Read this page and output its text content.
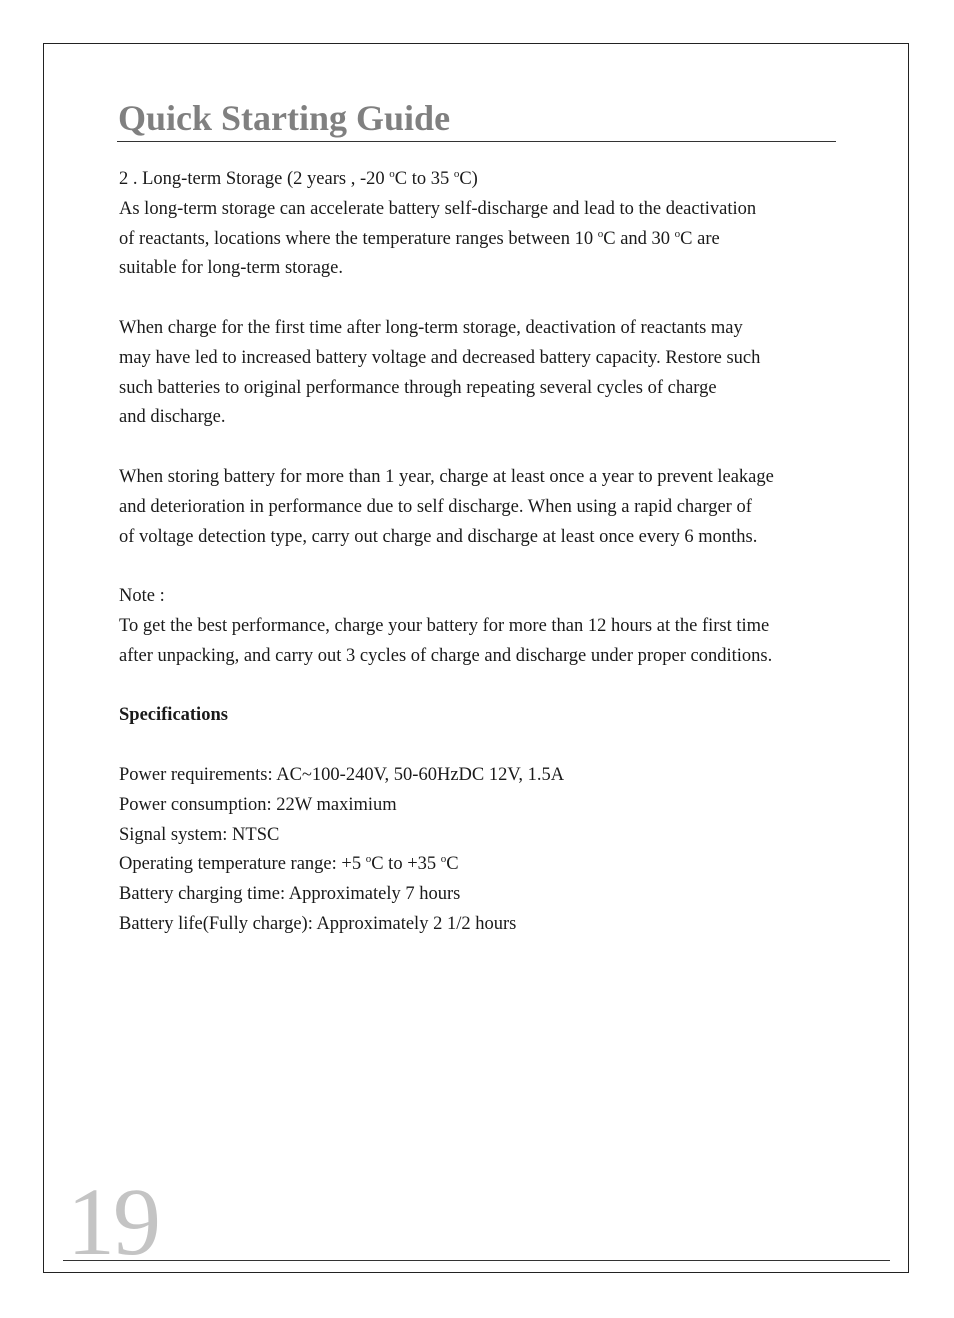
Quick Starting Guide
2 . Long-term Storage (2 years , -20 $^o$C to 35 $^o$C)
As long-term storage can accelerate battery self-discharge and lead to the deactivation
of reactants, locations where the temperature ranges between 10 $^o$C and 30 $^o$C are
suitable for long-term storage.
When charge for the first time after long-term storage, deactivation of reactants may
may have led to increased battery voltage and decreased battery capacity. Restore such
such batteries to original performance through repeating several cycles of charge
and discharge.
When storing battery for more than 1 year, charge at least once a year to prevent leakage
and deterioration in performance due to self discharge. When using a rapid charger of
of voltage detection type, carry out charge and discharge at least once every 6 months.
Note :
To get the best performance, charge your battery for more than 12 hours at the first time
after unpacking, and carry out 3 cycles of charge and discharge under proper conditions.
Specifications
Power requirements: AC~100-240V, 50-60HzDC 12V, 1.5A
Power consumption: 22W maximium
Signal system: NTSC
Operating temperature range: +5 $^o$C to +35 $^o$C
Battery charging time: Approximately 7 hours
Battery life(Fully charge): Approximately 2 1/2 hours
19
